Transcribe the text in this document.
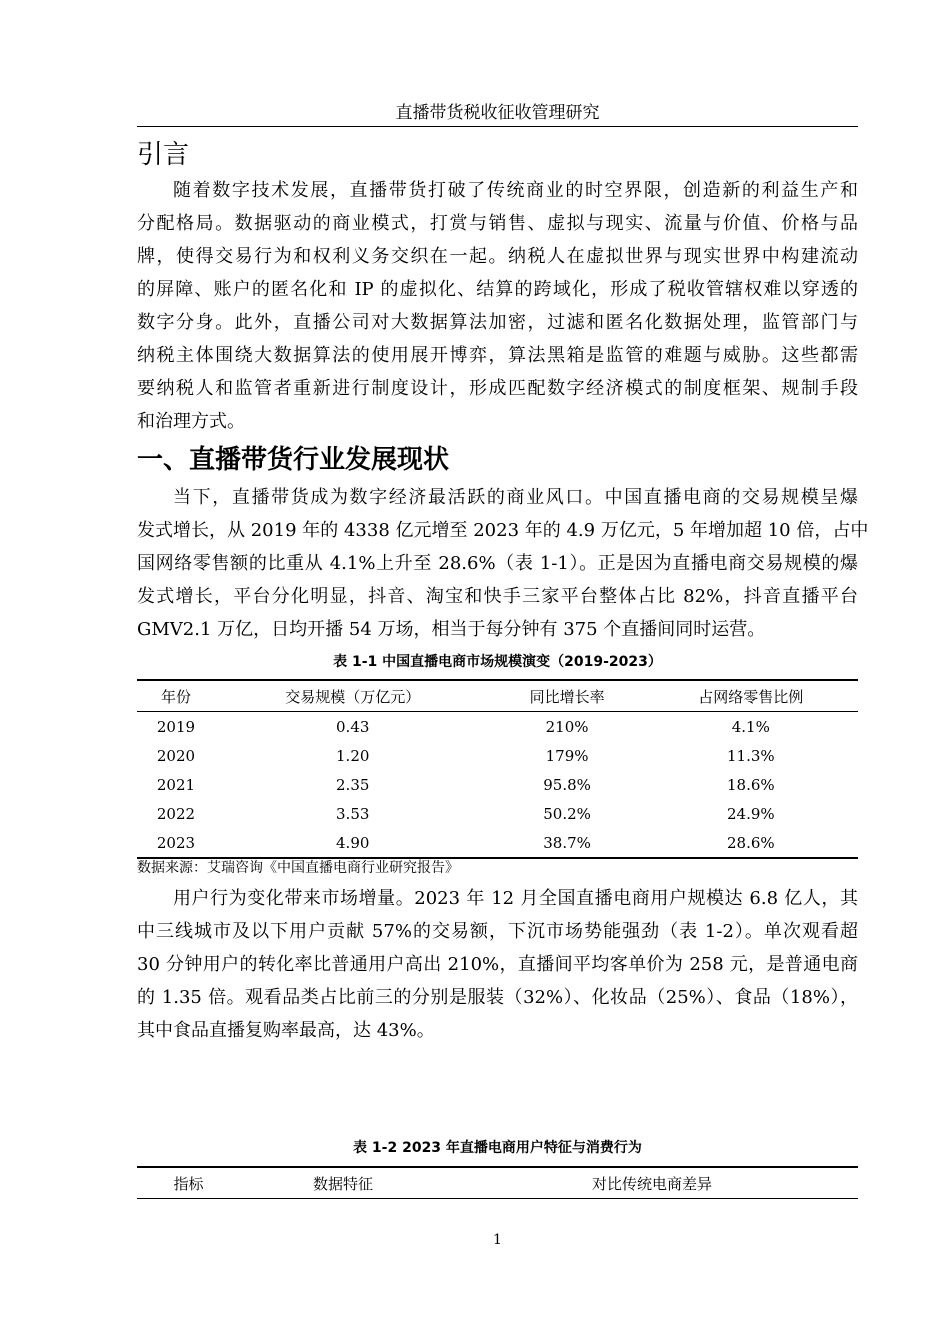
直播带货税收征收管理研究
引言
随着数字技术发展，直播带货打破了传统商业的时空界限，创造新的利益生产和
分配格局。数据驱动的商业模式，打赏与销售、虚拟与现实、流量与价值、价格与品
牌，使得交易行为和权利义务交织在一起。纳税人在虚拟世界与现实世界中构建流动
的屏障、账户的匿名化和 IP 的虚拟化、结算的跨域化，形成了税收管辖权难以穿透的
数字分身。此外，直播公司对大数据算法加密，过滤和匿名化数据处理，监管部门与
纳税主体围绕大数据算法的使用展开博弈，算法黑箱是监管的难题与威胁。这些都需
要纳税人和监管者重新进行制度设计，形成匹配数字经济模式的制度框架、规制手段
和治理方式。
一、直播带货行业发展现状
当下，直播带货成为数字经济最活跃的商业风口。中国直播电商的交易规模呈爆
发式增长，从 2019 年的 4338 亿元增至 2023 年的 4.9 万亿元，5 年增加超 10 倍，占中
国网络零售额的比重从 4.1%上升至 28.6%（表 1-1）。正是因为直播电商交易规模的爆
发式增长，平台分化明显，抖音、淘宝和快手三家平台整体占比 82%，抖音直播平台
GMV2.1 万亿，日均开播 54 万场，相当于每分钟有 375 个直播间同时运营。
表 1-1 中国直播电商市场规模演变（2019-2023）
年份	交易规模（万亿元）	同比增长率	占网络零售比例
2019	0.43	210%	4.1%
2020	1.20	179%	11.3%
2021	2.35	95.8%	18.6%
2022	3.53	50.2%	24.9%
2023	4.90	38.7%	28.6%
数据来源：艾瑞咨询《中国直播电商行业研究报告》
用户行为变化带来市场增量。2023 年 12 月全国直播电商用户规模达 6.8 亿人，其
中三线城市及以下用户贡献 57%的交易额，下沉市场势能强劲（表 1-2）。单次观看超
30 分钟用户的转化率比普通用户高出 210%，直播间平均客单价为 258 元，是普通电商
的 1.35 倍。观看品类占比前三的分别是服装（32%）、化妆品（25%）、食品（18%），
其中食品直播复购率最高，达 43%。
表 1-2 2023 年直播电商用户特征与消费行为
指标	数据特征	对比传统电商差异
1
